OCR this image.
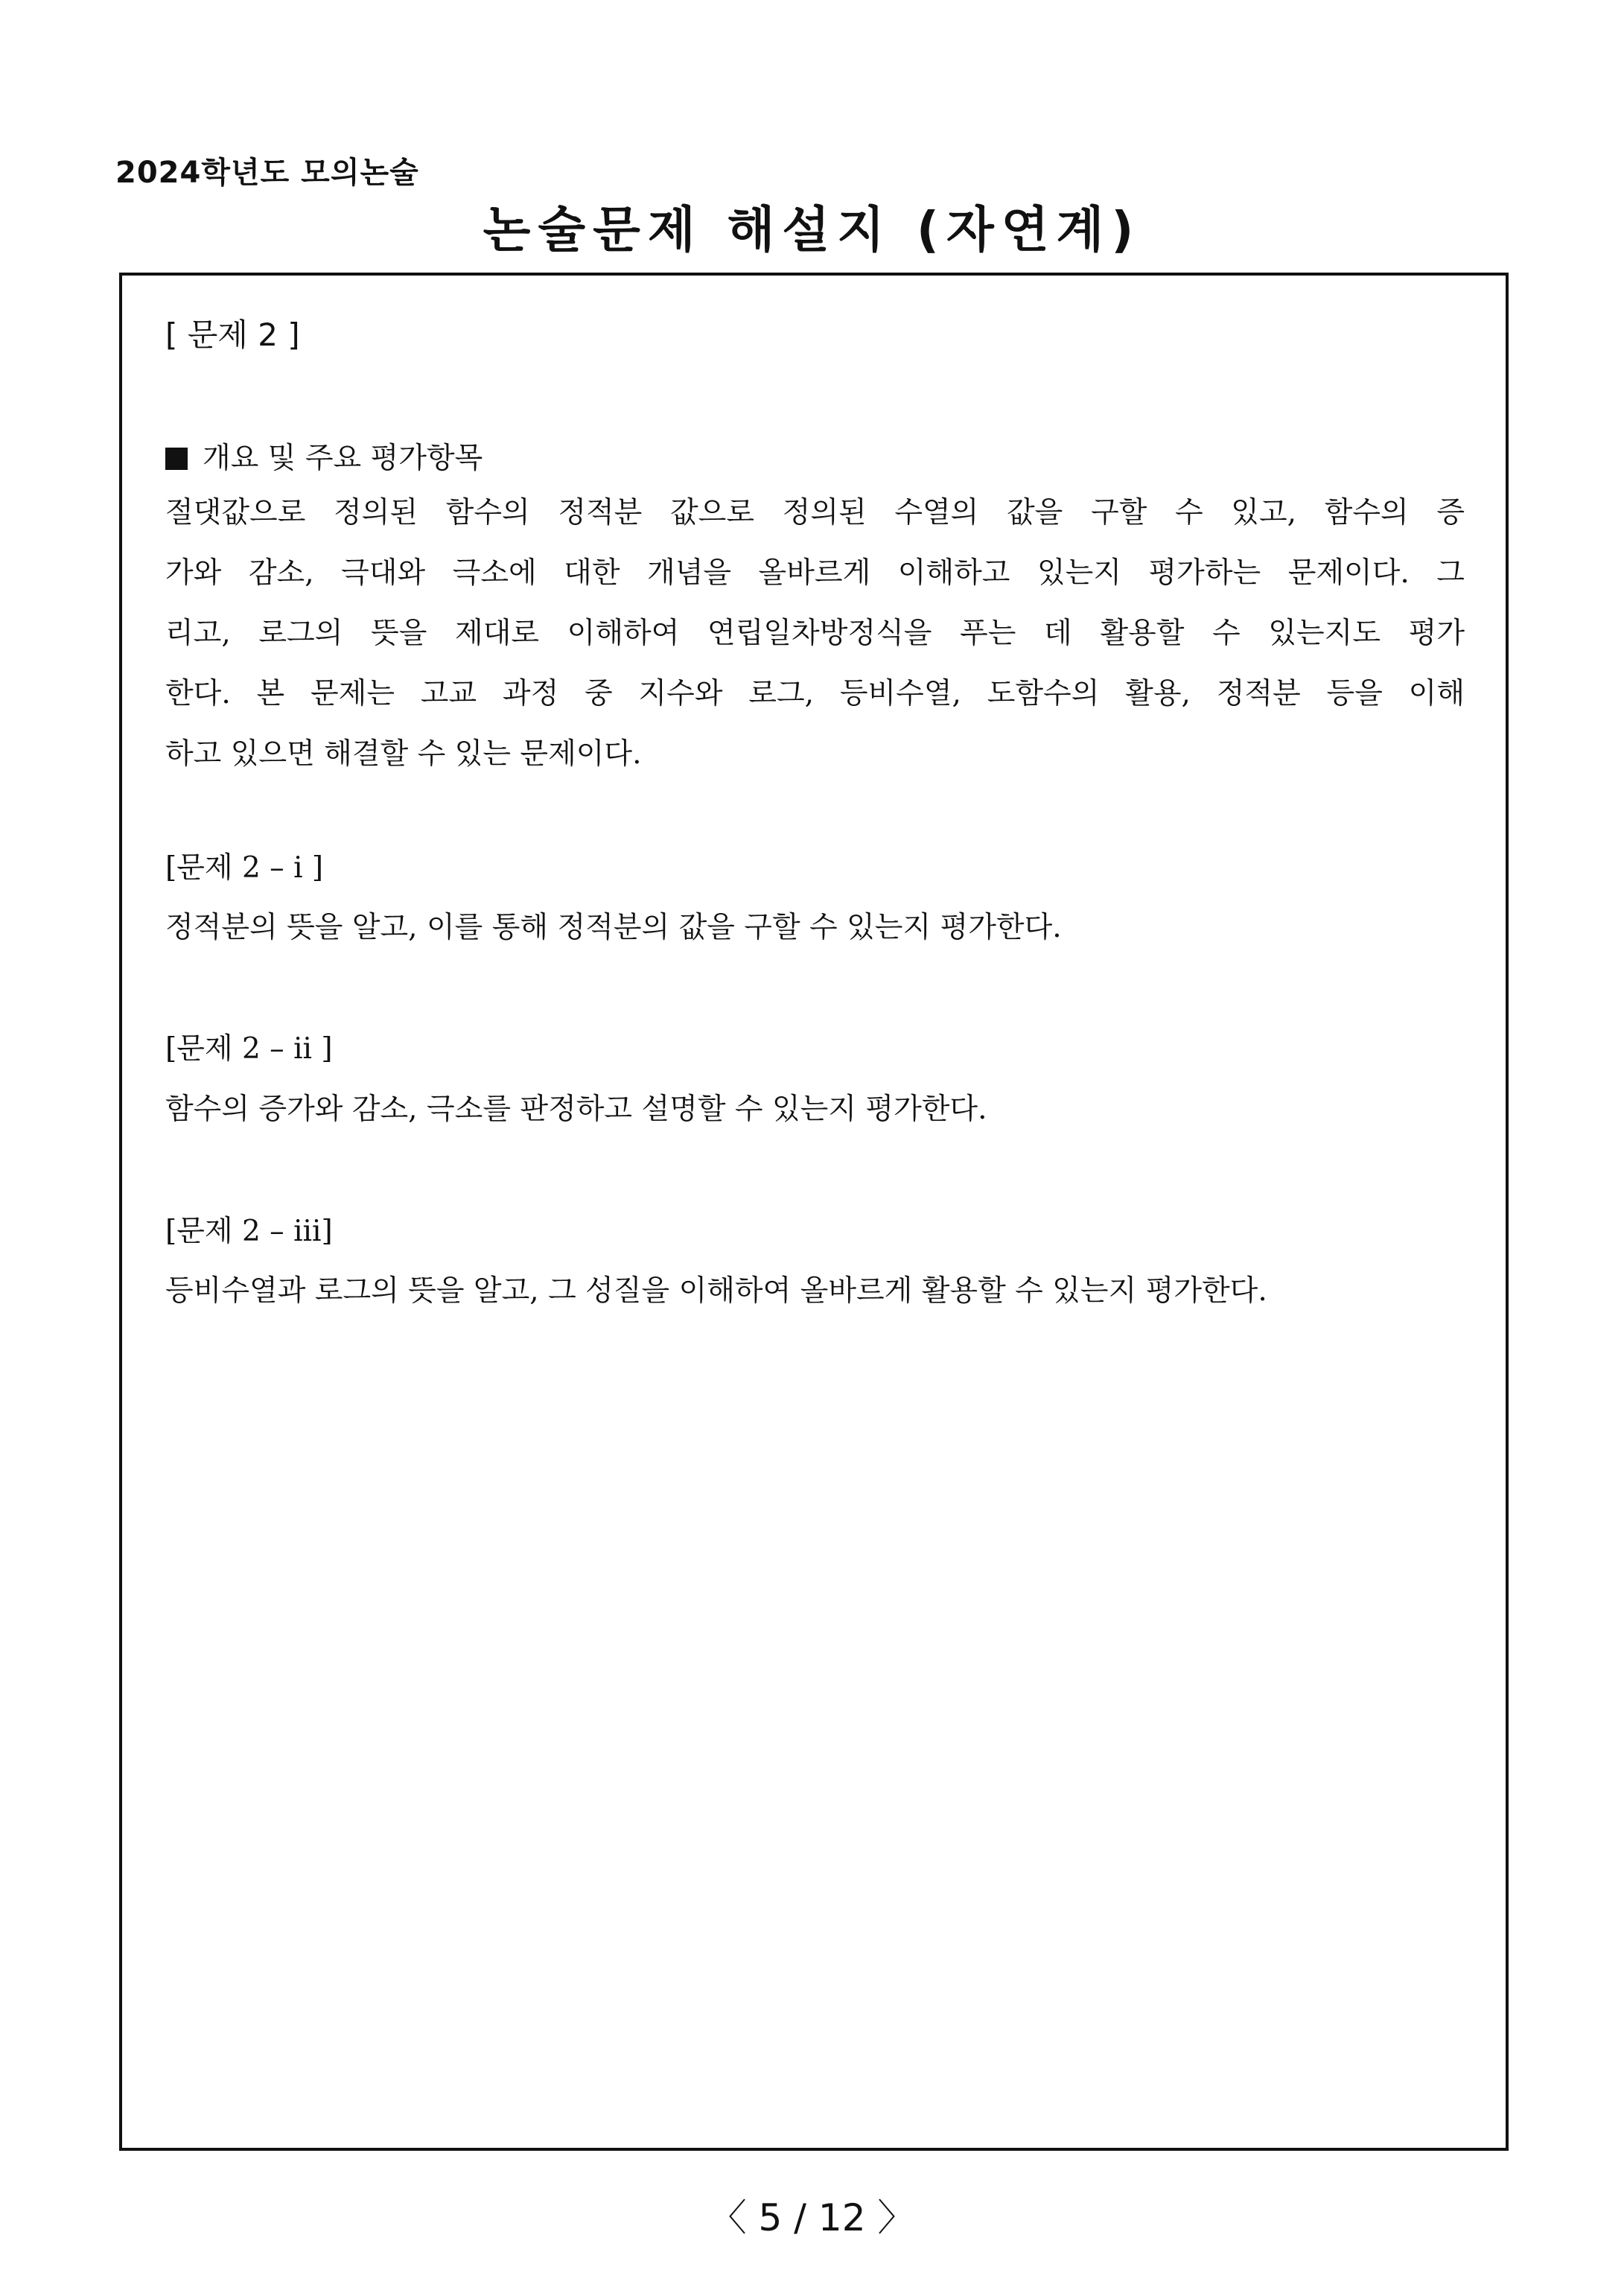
2024학년도 모의논술
논술문제 해설지 (자연계)
[ 문제 2 ]
개요 및 주요 평가항목

절댓값으로 정의된 함수의 정적분 값으로 정의된 수열의 값을 구할 수 있고, 함수의 증

가와 감소, 극대와 극소에 대한 개념을 올바르게 이해하고 있는지 평가하는 문제이다. 그

리고, 로그의 뜻을 제대로 이해하여 연립일차방정식을 푸는 데 활용할 수 있는지도 평가

한다. 본 문제는 고교 과정 중 지수와 로그, 등비수열, 도함수의 활용, 정적분 등을 이해

하고 있으면 해결할 수 있는 문제이다.

[문제 2 – i ]
정적분의 뜻을 알고, 이를 통해 정적분의 값을 구할 수 있는지 평가한다.
[문제 2 – ii ]
함수의 증가와 감소, 극소를 판정하고 설명할 수 있는지 평가한다.
[문제 2 – iii]
등비수열과 로그의 뜻을 알고, 그 성질을 이해하여 올바르게 활용할 수 있는지 평가한다.
〈 5 / 12 〉
